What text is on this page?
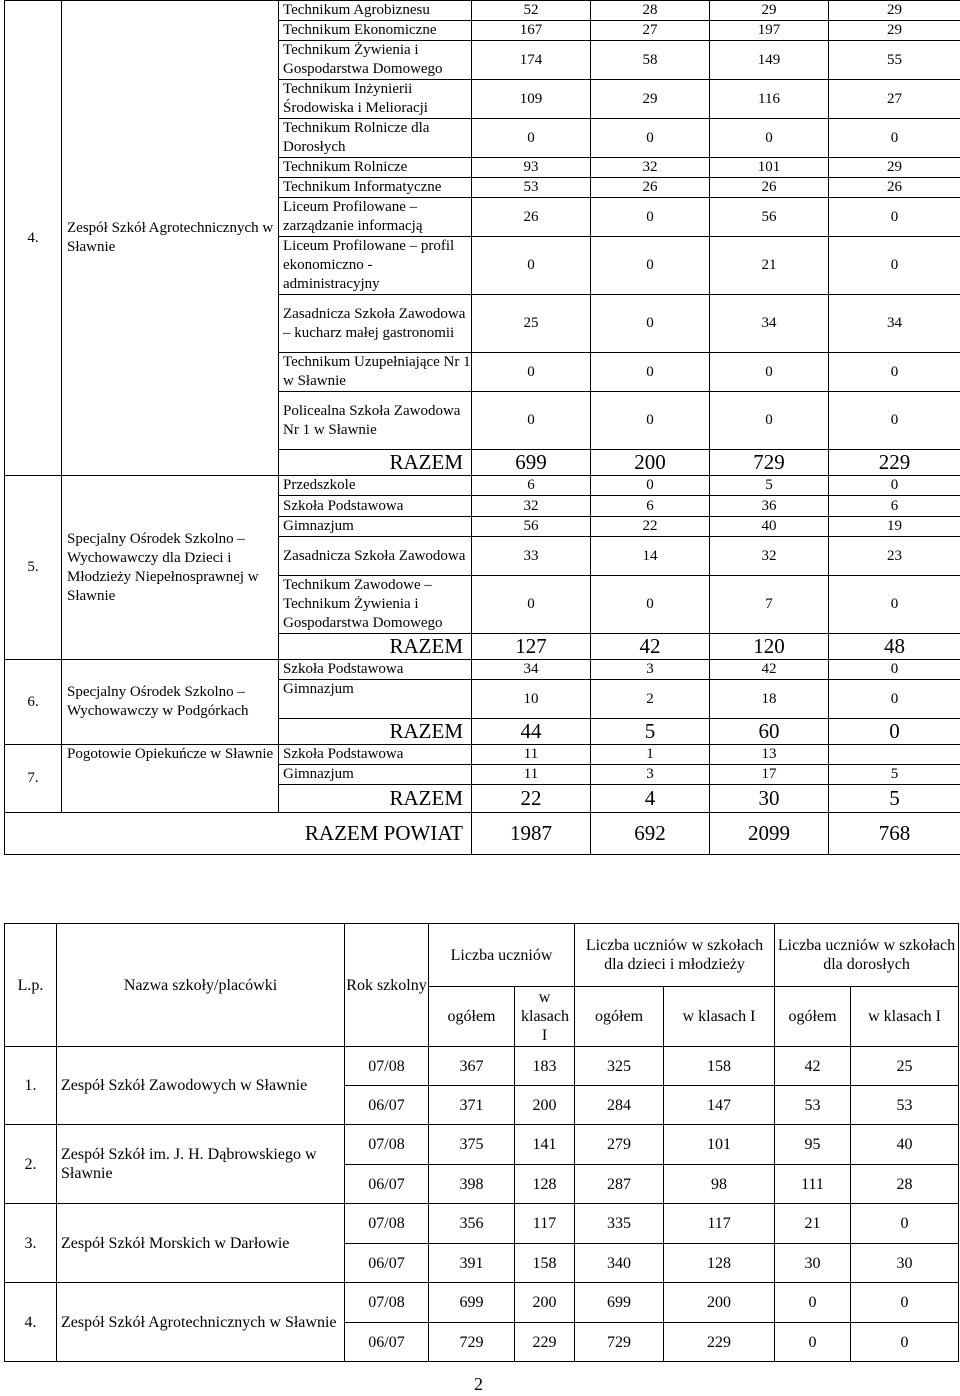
4.	Zespół Szkół Agrotechnicznych w Sławnie	Technikum Agrobiznesu	52	28	29	29
		Technikum Ekonomiczne	167	27	197	29
		Technikum Żywienia i Gospodarstwa Domowego	174	58	149	55
		Technikum Inżynierii Środowiska i Melioracji	109	29	116	27
		Technikum Rolnicze dla Dorosłych	0	0	0	0
		Technikum Rolnicze	93	32	101	29
		Technikum Informatyczne	53	26	26	26
		Liceum Profilowane – zarządzanie informacją	26	0	56	0
		Liceum Profilowane – profil ekonomiczno - administracyjny	0	0	21	0
		Zasadnicza Szkoła Zawodowa – kucharz małej gastronomii	25	0	34	34
		Technikum Uzupełniające Nr 1 w Sławnie	0	0	0	0
		Policealna Szkoła Zawodowa Nr 1 w Sławnie	0	0	0	0
		RAZEM	699	200	729	229
5.	Specjalny Ośrodek Szkolno – Wychowawczy dla Dzieci i Młodzieży Niepełnosprawnej w Sławnie	Przedszkole	6	0	5	0
		Szkoła Podstawowa	32	6	36	6
		Gimnazjum	56	22	40	19
		Zasadnicza Szkoła Zawodowa	33	14	32	23
		Technikum Zawodowe – Technikum Żywienia i Gospodarstwa Domowego	0	0	7	0
		RAZEM	127	42	120	48
6.	Specjalny Ośrodek Szkolno – Wychowawczy w Podgórkach	Szkoła Podstawowa	34	3	42	0
		Gimnazjum	10	2	18	0
		RAZEM	44	5	60	0
7.	Pogotowie Opiekuńcze w Sławnie	Szkoła Podstawowa	11	1	13	
		Gimnazjum	11	3	17	5
		RAZEM	22	4	30	5
	RAZEM POWIAT		1987	692	2099	768
L.p.	Nazwa szkoły/placówki	Rok szkolny	Liczba uczniów		Liczba uczniów w szkołach dla dzieci i młodzieży		Liczba uczniów w szkołach dla dorosłych	
			ogółem	w klasach I	ogółem	w klasach I	ogółem	w klasach I
1.	Zespół Szkół Zawodowych w Sławnie	07/08	367	183	325	158	42	25
		06/07	371	200	284	147	53	53
2.	Zespół Szkół im. J. H. Dąbrowskiego w Sławnie	07/08	375	141	279	101	95	40
		06/07	398	128	287	98	111	28
3.	Zespół Szkół Morskich w Darłowie	07/08	356	117	335	117	21	0
		06/07	391	158	340	128	30	30
4.	Zespół Szkół Agrotechnicznych w Sławnie	07/08	699	200	699	200	0	0
		06/07	729	229	729	229	0	0
2
